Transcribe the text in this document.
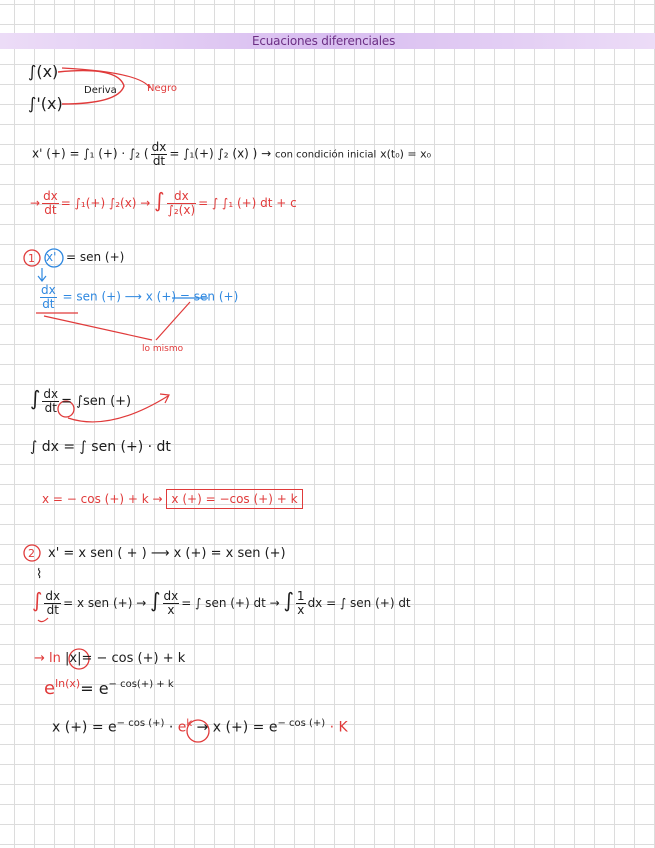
Ecuaciones diferenciales
∫(x)
∫'(x)
Deriva	Negro
x' (+) = ∫₁ (+) · ∫₂ ( $\frac{dx}{dt} = \int_1(+)$ ∫₂ (x) ) → con condición inicial x(t₀) = x₀
→ $\frac{dx}{dt} = \int_1(+) \int_2(x)$ → ∫ $\frac{dx}{\text{∫₂(x)}}$ = ∫ ∫₁ (+) dt + c
1 x' = sen (+)
$\frac{dx}{dt}$ = sen (+) ⟶ x (+) = sen (+)
lo mismo
∫ $\frac{dx}{dt} = \int sen$ (+)
∫ dx = ∫ sen (+) · dt
x = − cos (+) + k → x (+) = −cos (+) + k
2 x' = x sen ( + ) ⟶ x (+) = x sen (+)
⌇
∫ $\frac{dx}{dt} = x$ sen (+) → ∫ $\frac{dx}{x}$ = ∫ sen (+) dt → ∫ $\frac{1}{x}$ dx = ∫ sen (+) dt
→ ln |x|= − cos (+) + k
$e^{ln(x)}= e^{- cos(+) + k}$
x (+) = $e^{- cos (+)} \cdot e^k \to x$ (+) = $e^{- cos (+)} \cdot K$
